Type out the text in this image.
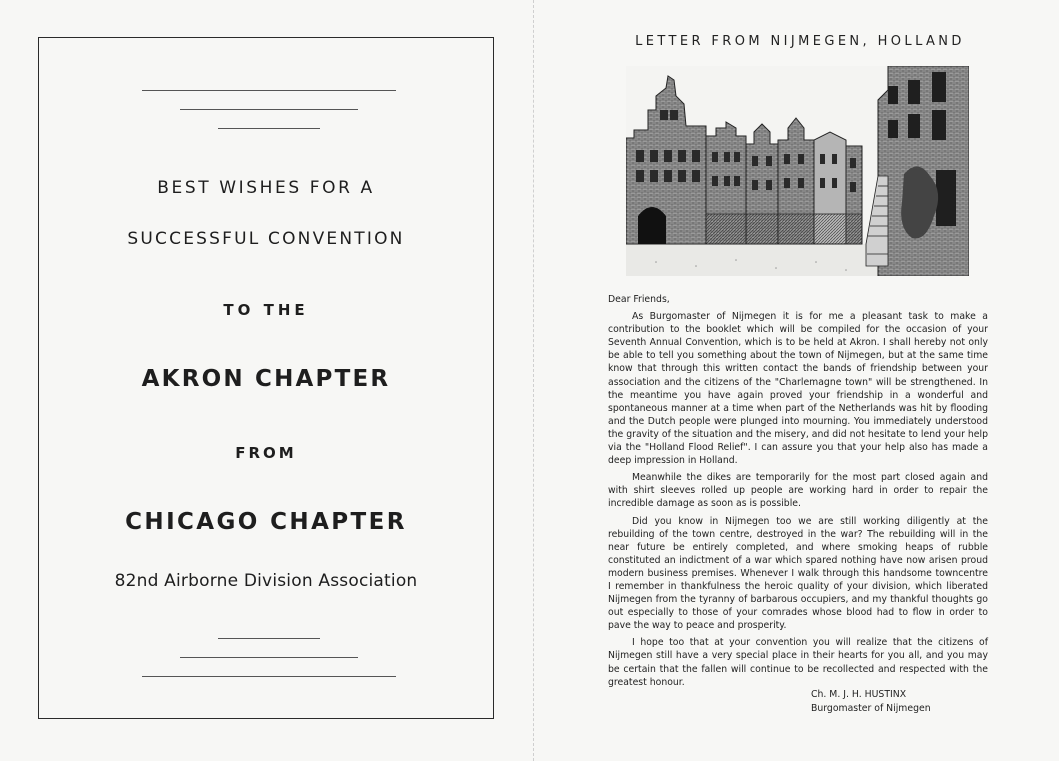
BEST WISHES FOR A
SUCCESSFUL CONVENTION
TO THE
AKRON CHAPTER
FROM
CHICAGO CHAPTER
82nd Airborne Division Association
LETTER FROM NIJMEGEN, HOLLAND

Dear Friends,

As Burgomaster of Nijmegen it is for me a pleasant task to make a contribution to the booklet which will be compiled for the occasion of your Seventh Annual Convention, which is to be held at Akron. I shall hereby not only be able to tell you something about the town of Nijmegen, but at the same time know that through this written contact the bands of friendship between your association and the citizens of the "Charlemagne town" will be strengthened. In the meantime you have again proved your friendship in a wonderful and spontaneous manner at a time when part of the Netherlands was hit by flooding and the Dutch people were plunged into mourning. You immediately understood the gravity of the situation and the misery, and did not hesitate to lend your help via the "Holland Flood Relief". I can assure you that your help also has made a deep impression in Holland.

Meanwhile the dikes are temporarily for the most part closed again and with shirt sleeves rolled up people are working hard in order to repair the incredible damage as soon as is possible.

Did you know in Nijmegen too we are still working diligently at the rebuilding of the town centre, destroyed in the war? The rebuilding will in the near future be entirely completed, and where smoking heaps of rubble constituted an indictment of a war which spared nothing have now arisen proud modern business premises. Whenever I walk through this handsome towncentre I remember in thankfulness the heroic quality of your division, which liberated Nijmegen from the tyranny of barbarous occupiers, and my thankful thoughts go out especially to those of your comrades whose blood had to flow in order to pave the way to peace and prosperity.

I hope too that at your convention you will realize that the citizens of Nijmegen still have a very special place in their hearts for you all, and you may be certain that the fallen will continue to be recollected and respected with the greatest honour.

Ch. M. J. H. HUSTINX
Burgomaster of Nijmegen
